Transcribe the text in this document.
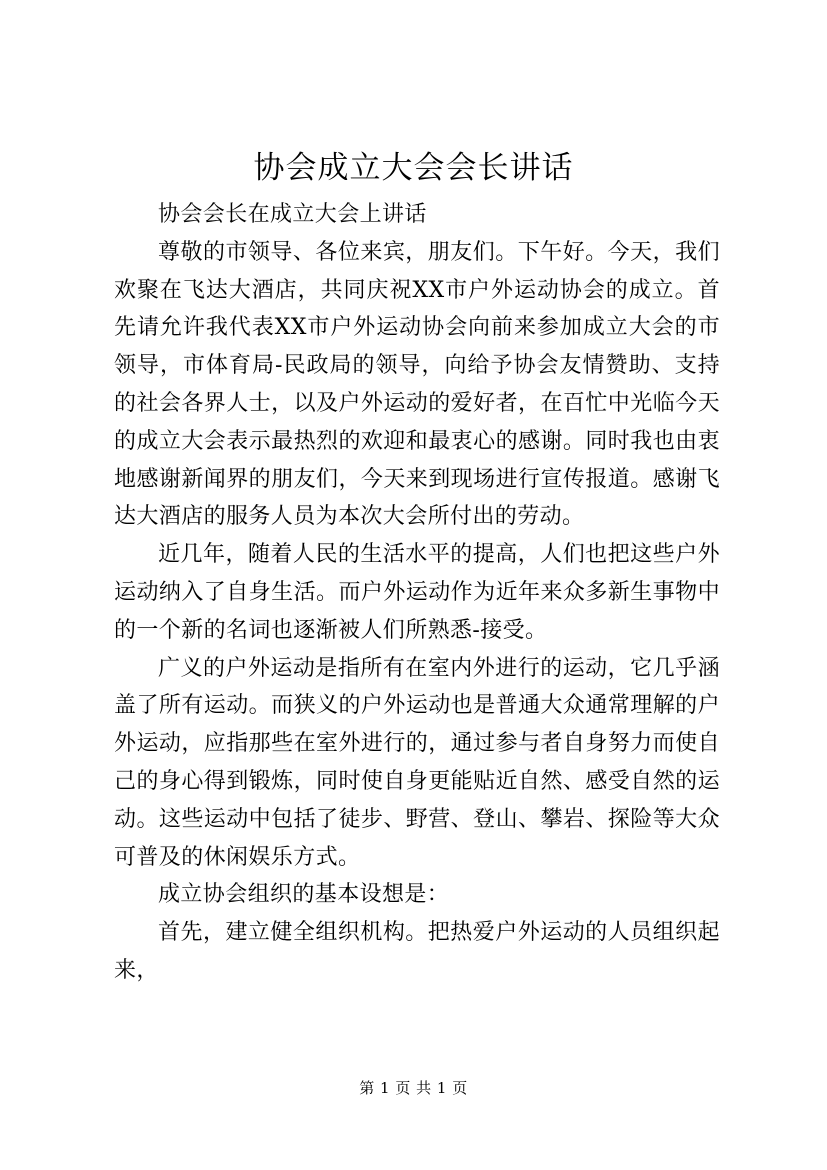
协会成立大会会长讲话

协会会长在成立大会上讲话

尊敬的市领导、各位来宾，朋友们。下午好。今天，我们欢聚在飞达大酒店，共同庆祝XX市户外运动协会的成立。首先请允许我代表XX市户外运动协会向前来参加成立大会的市领导，市体育局-民政局的领导，向给予协会友情赞助、支持的社会各界人士，以及户外运动的爱好者，在百忙中光临今天的成立大会表示最热烈的欢迎和最衷心的感谢。同时我也由衷地感谢新闻界的朋友们，今天来到现场进行宣传报道。感谢飞达大酒店的服务人员为本次大会所付出的劳动。

近几年，随着人民的生活水平的提高，人们也把这些户外运动纳入了自身生活。而户外运动作为近年来众多新生事物中的一个新的名词也逐渐被人们所熟悉-接受。

广义的户外运动是指所有在室内外进行的运动，它几乎涵盖了所有运动。而狭义的户外运动也是普通大众通常理解的户外运动，应指那些在室外进行的，通过参与者自身努力而使自己的身心得到锻炼，同时使自身更能贴近自然、感受自然的运动。这些运动中包括了徒步、野营、登山、攀岩、探险等大众可普及的休闲娱乐方式。

成立协会组织的基本设想是：

首先，建立健全组织机构。把热爱户外运动的人员组织起来，

第 1 页 共 1 页
